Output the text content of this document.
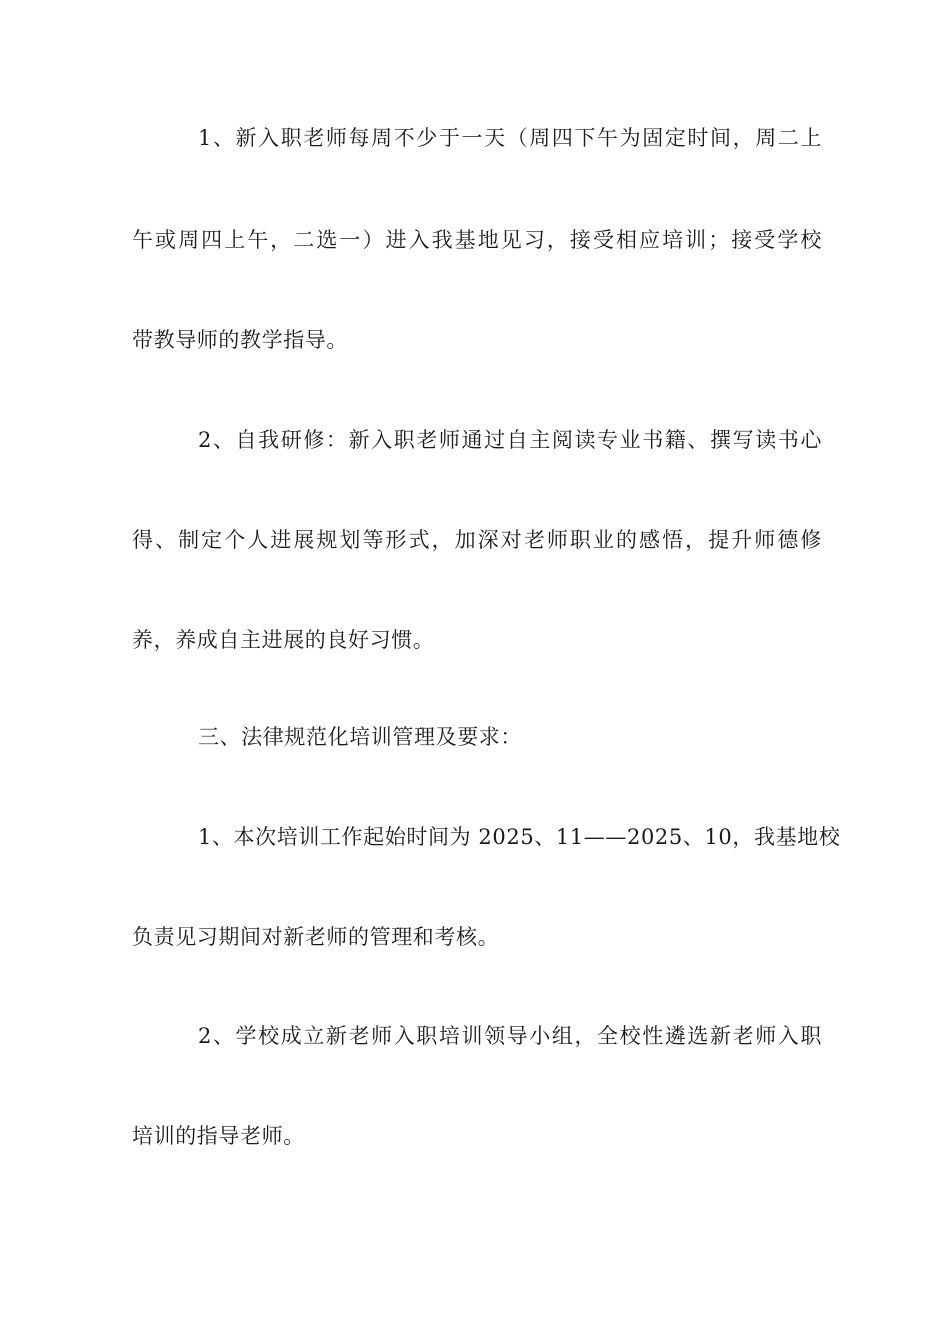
1、新入职老师每周不少于一天（周四下午为固定时间，周二上
午或周四上午，二选一）进入我基地见习，接受相应培训；接受学校
带教导师的教学指导。
2、自我研修：新入职老师通过自主阅读专业书籍、撰写读书心
得、制定个人进展规划等形式，加深对老师职业的感悟，提升师德修
养，养成自主进展的良好习惯。
三、法律规范化培训管理及要求：
1、本次培训工作起始时间为 2025、11——2025、10，我基地校
负责见习期间对新老师的管理和考核。
2、学校成立新老师入职培训领导小组，全校性遴选新老师入职
培训的指导老师。
